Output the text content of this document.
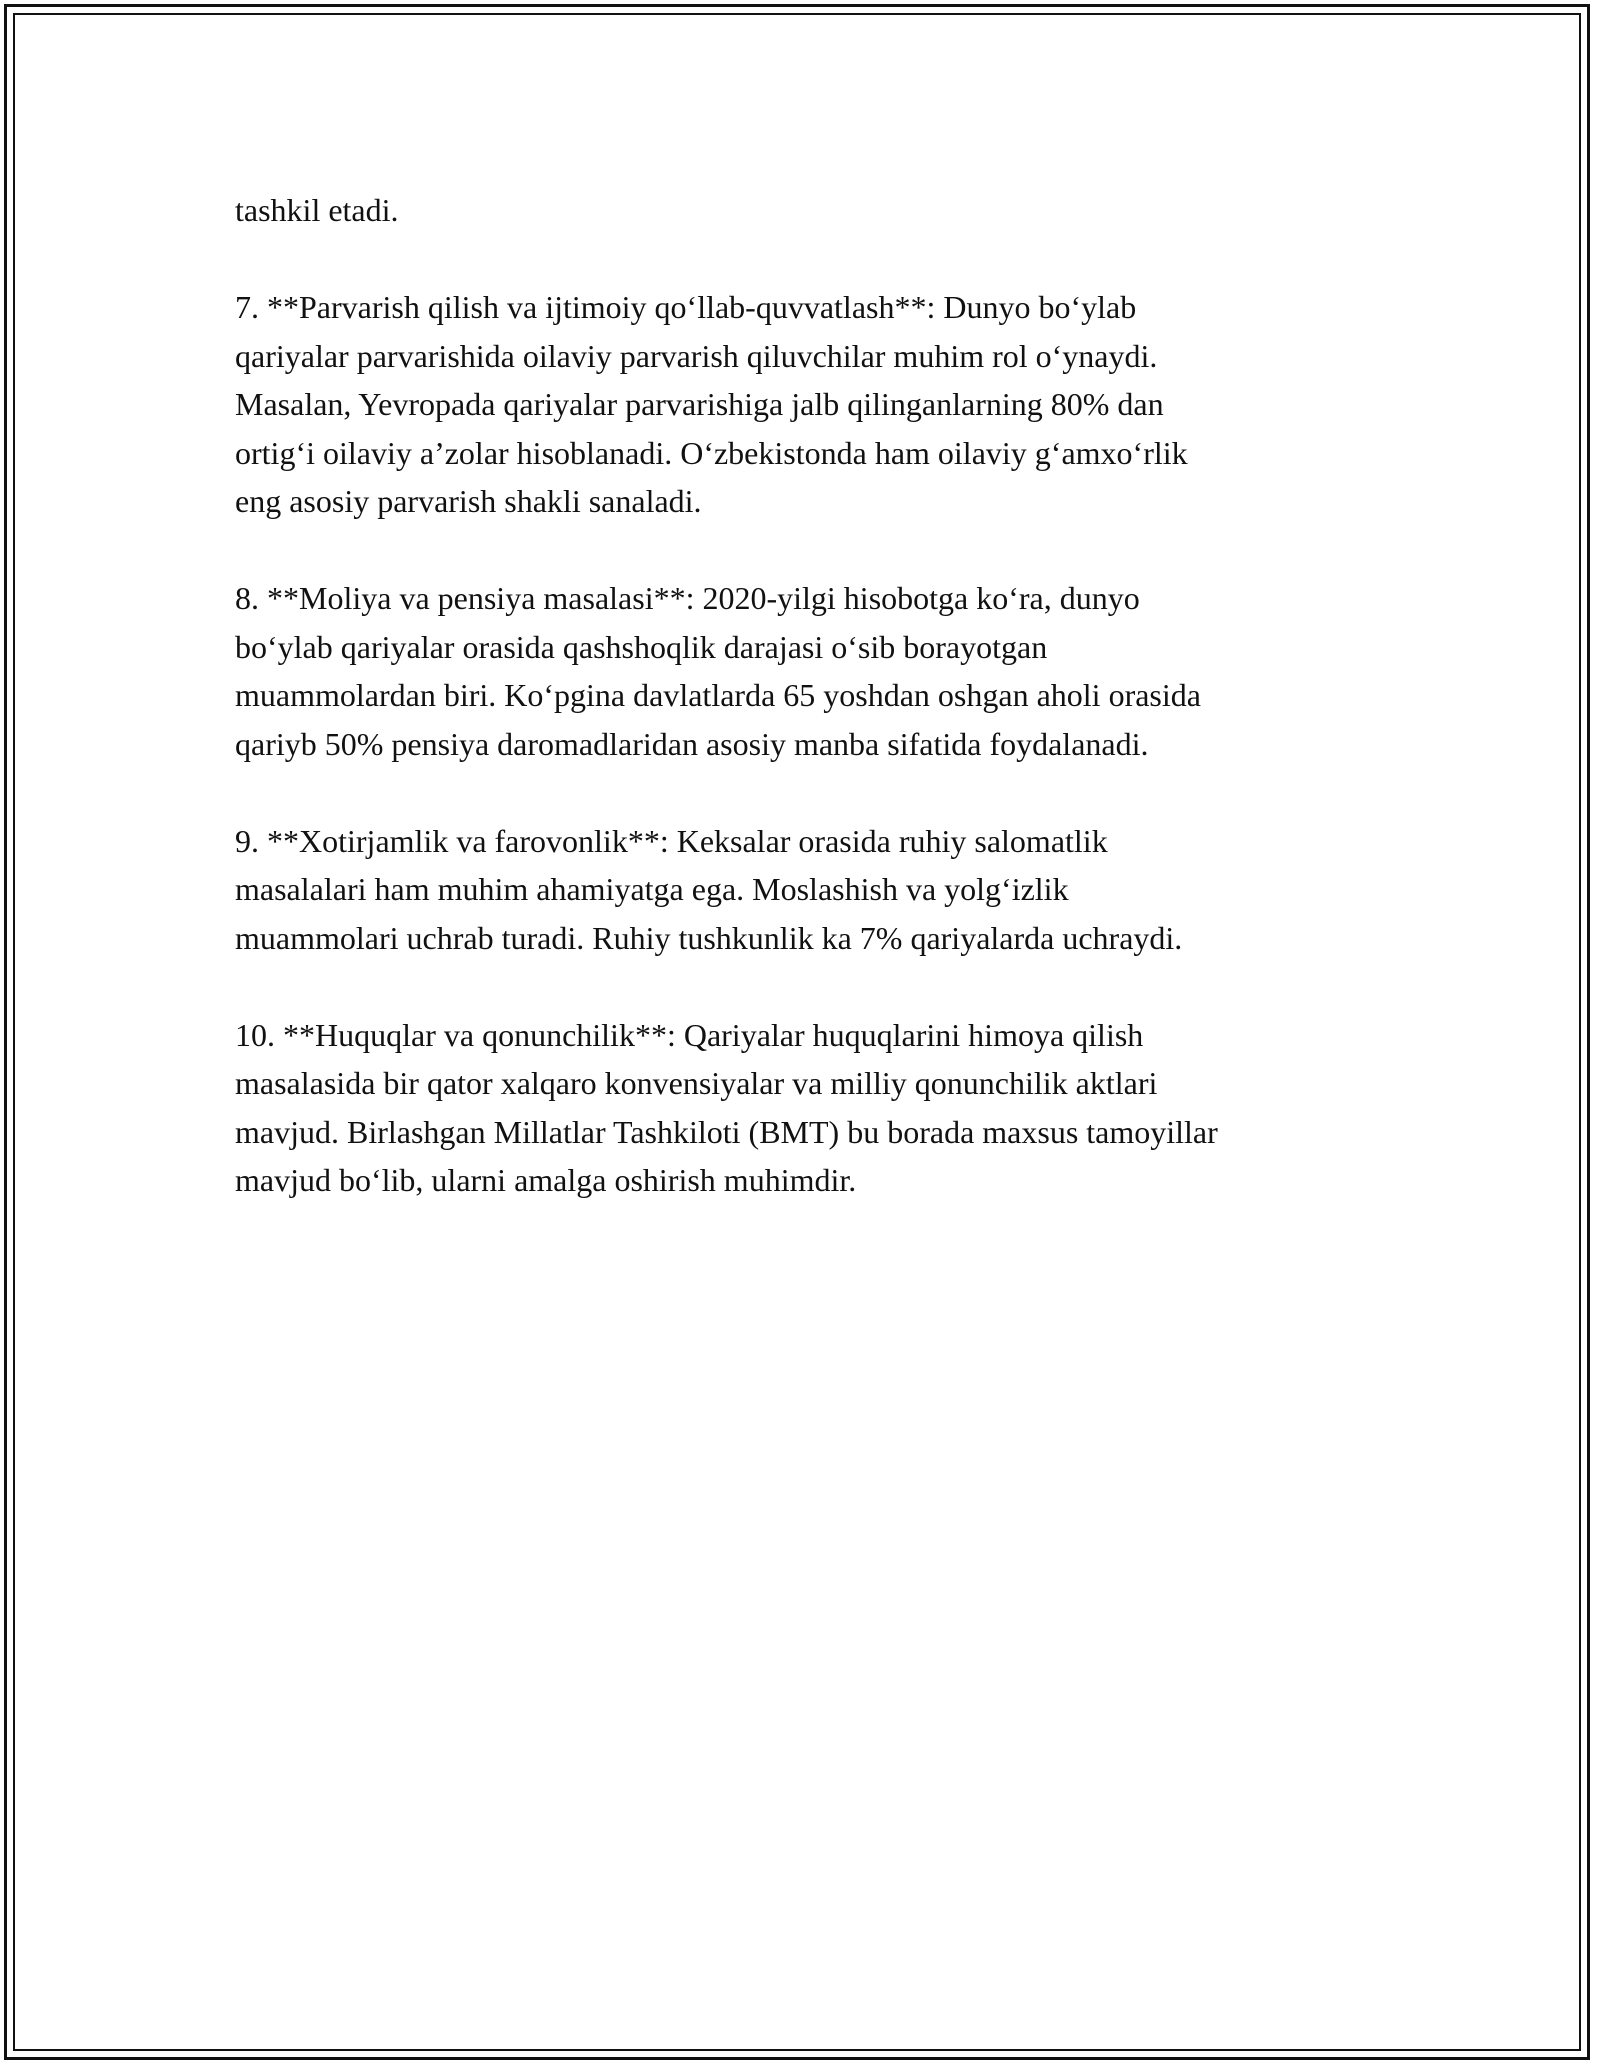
tashkil etadi.

7. **Parvarish qilish va ijtimoiy qo‘llab-quvvatlash**: Dunyo bo‘ylab
qariyalar parvarishida oilaviy parvarish qiluvchilar muhim rol o‘ynaydi.
Masalan, Yevropada qariyalar parvarishiga jalb qilinganlarning 80% dan
ortig‘i oilaviy a’zolar hisoblanadi. O‘zbekistonda ham oilaviy g‘amxo‘rlik
eng asosiy parvarish shakli sanaladi.

8. **Moliya va pensiya masalasi**: 2020-yilgi hisobotga ko‘ra, dunyo
bo‘ylab qariyalar orasida qashshoqlik darajasi o‘sib borayotgan
muammolardan biri. Ko‘pgina davlatlarda 65 yoshdan oshgan aholi orasida
qariyb 50% pensiya daromadlaridan asosiy manba sifatida foydalanadi.

9. **Xotirjamlik va farovonlik**: Keksalar orasida ruhiy salomatlik
masalalari ham muhim ahamiyatga ega. Moslashish va yolg‘izlik
muammolari uchrab turadi. Ruhiy tushkunlik ka 7% qariyalarda uchraydi.

10. **Huquqlar va qonunchilik**: Qariyalar huquqlarini himoya qilish
masalasida bir qator xalqaro konvensiyalar va milliy qonunchilik aktlari
mavjud. Birlashgan Millatlar Tashkiloti (BMT) bu borada maxsus tamoyillar
mavjud bo‘lib, ularni amalga oshirish muhimdir.
